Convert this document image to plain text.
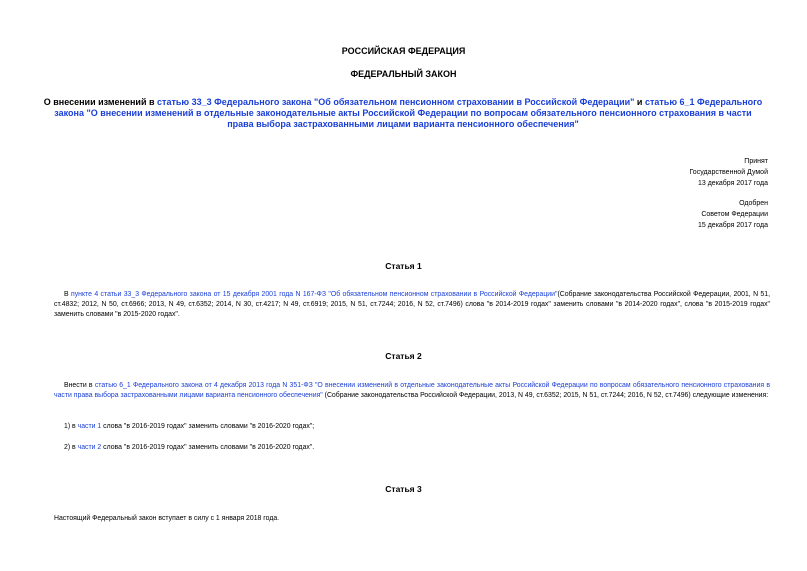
РОССИЙСКАЯ ФЕДЕРАЦИЯ
ФЕДЕРАЛЬНЫЙ ЗАКОН
О внесении изменений в статью 33_3 Федерального закона "Об обязательном пенсионном страховании в Российской Федерации" и статью 6_1 Федерального закона "О внесении изменений в отдельные законодательные акты Российской Федерации по вопросам обязательного пенсионного страхования в части права выбора застрахованными лицами варианта пенсионного обеспечения"
Принят
Государственной Думой
13 декабря 2017 года
Одобрен
Советом Федерации
15 декабря 2017 года
Статья 1
В пункте 4 статьи 33_3 Федерального закона от 15 декабря 2001 года N 167-ФЗ "Об обязательном пенсионном страховании в Российской Федерации"(Собрание законодательства Российской Федерации, 2001, N 51, ст.4832; 2012, N 50, ст.6966; 2013, N 49, ст.6352; 2014, N 30, ст.4217; N 49, ст.6919; 2015, N 51, ст.7244; 2016, N 52, ст.7496) слова "в 2014-2019 годах" заменить словами "в 2014-2020 годах", слова "в 2015-2019 годах" заменить словами "в 2015-2020 годах".
Статья 2
Внести в статью 6_1 Федерального закона от 4 декабря 2013 года N 351-ФЗ "О внесении изменений в отдельные законодательные акты Российской Федерации по вопросам обязательного пенсионного страхования в части права выбора застрахованными лицами варианта пенсионного обеспечения" (Собрание законодательства Российской Федерации, 2013, N 49, ст.6352; 2015, N 51, ст.7244; 2016, N 52, ст.7496) следующие изменения:
1) в части 1 слова "в 2016-2019 годах" заменить словами "в 2016-2020 годах";
2) в части 2 слова "в 2016-2019 годах" заменить словами "в 2016-2020 годах".
Статья 3
Настоящий Федеральный закон вступает в силу с 1 января 2018 года.
